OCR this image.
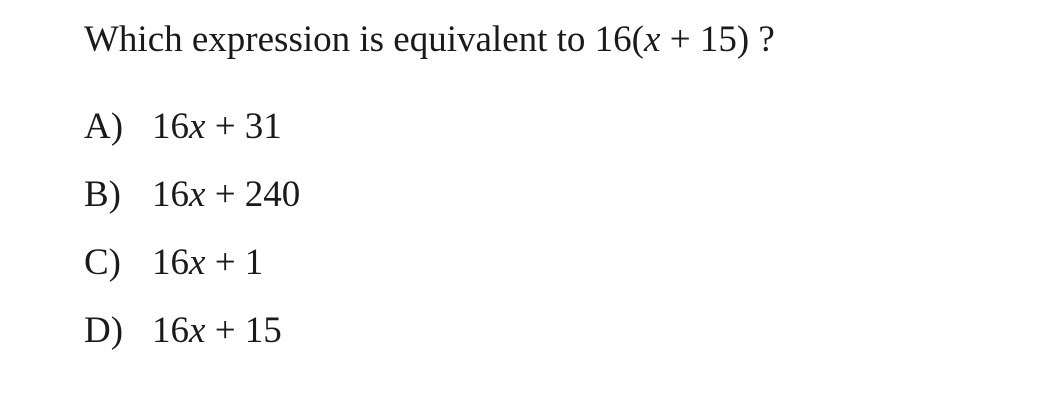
Which expression is equivalent to 16(x + 15) ?
A) 16x + 31
B) 16x + 240
C) 16x + 1
D) 16x + 15
